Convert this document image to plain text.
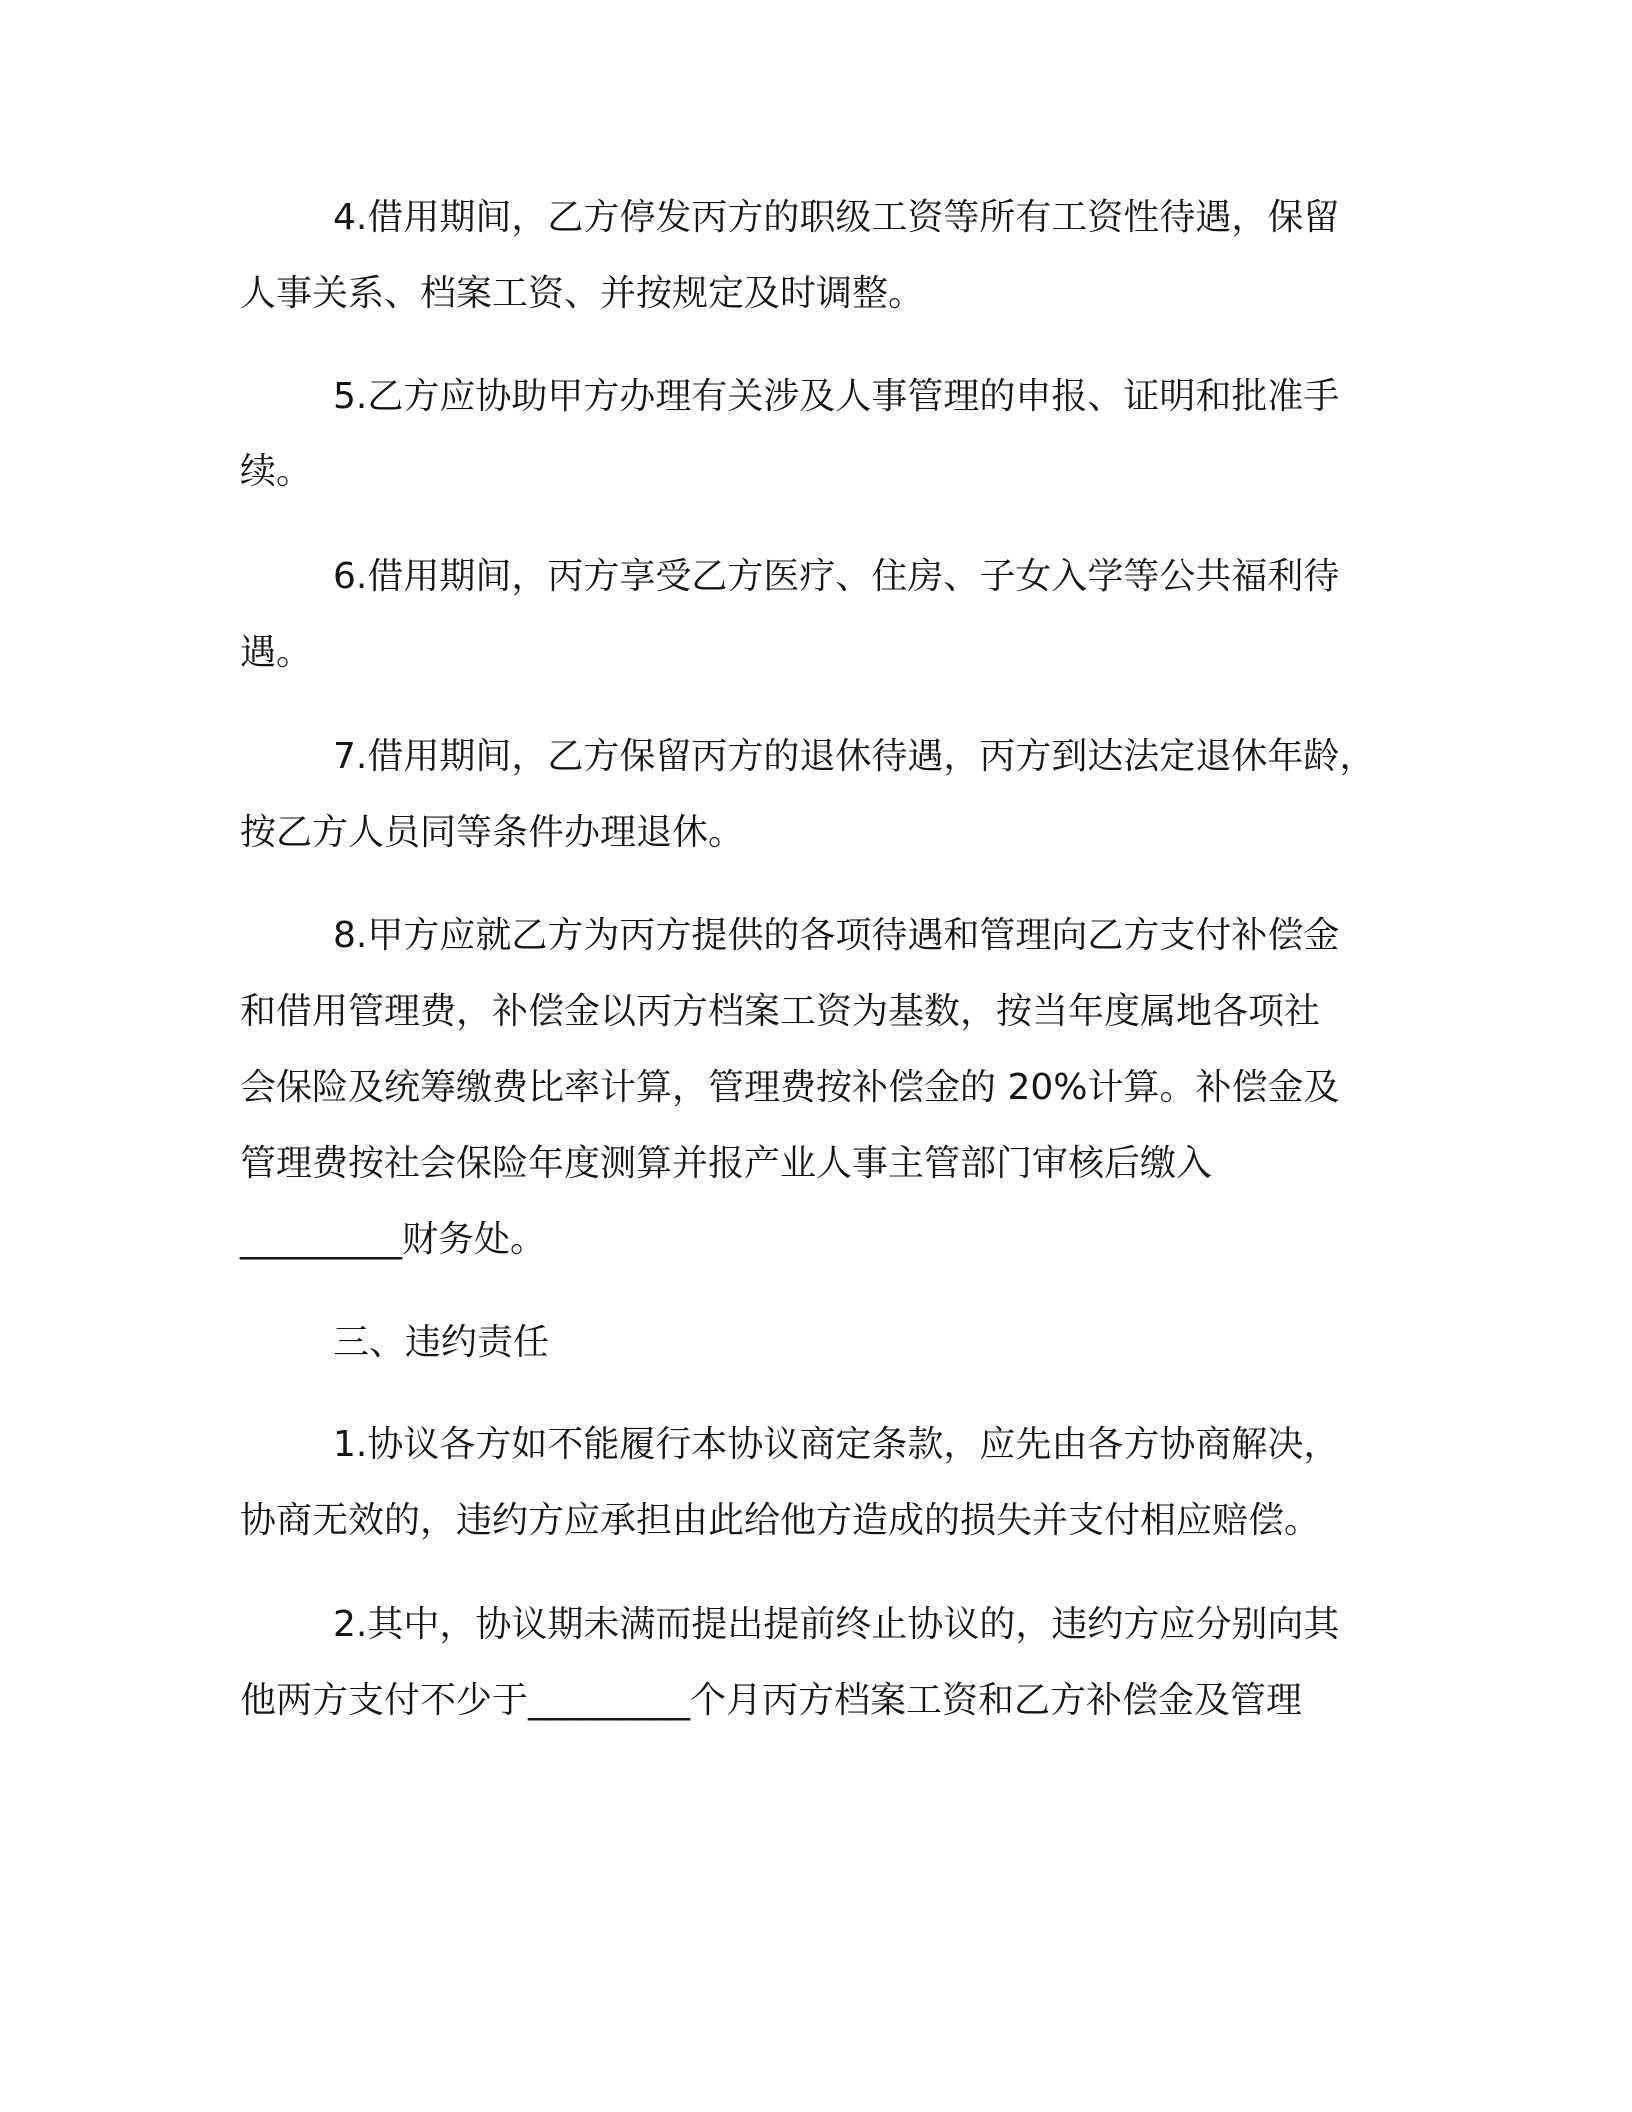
4.借用期间，乙方停发丙方的职级工资等所有工资性待遇，保留
人事关系、档案工资、并按规定及时调整。
5.乙方应协助甲方办理有关涉及人事管理的申报、证明和批准手
续。
6.借用期间，丙方享受乙方医疗、住房、子女入学等公共福利待
遇。
7.借用期间，乙方保留丙方的退休待遇，丙方到达法定退休年龄，
按乙方人员同等条件办理退休。
8.甲方应就乙方为丙方提供的各项待遇和管理向乙方支付补偿金
和借用管理费，补偿金以丙方档案工资为基数，按当年度属地各项社
会保险及统筹缴费比率计算，管理费按补偿金的 20%计算。补偿金及
管理费按社会保险年度测算并报产业人事主管部门审核后缴入
_________财务处。
三、违约责任
1.协议各方如不能履行本协议商定条款，应先由各方协商解决，
协商无效的，违约方应承担由此给他方造成的损失并支付相应赔偿。
2.其中，协议期未满而提出提前终止协议的，违约方应分别向其
他两方支付不少于_________个月丙方档案工资和乙方补偿金及管理
